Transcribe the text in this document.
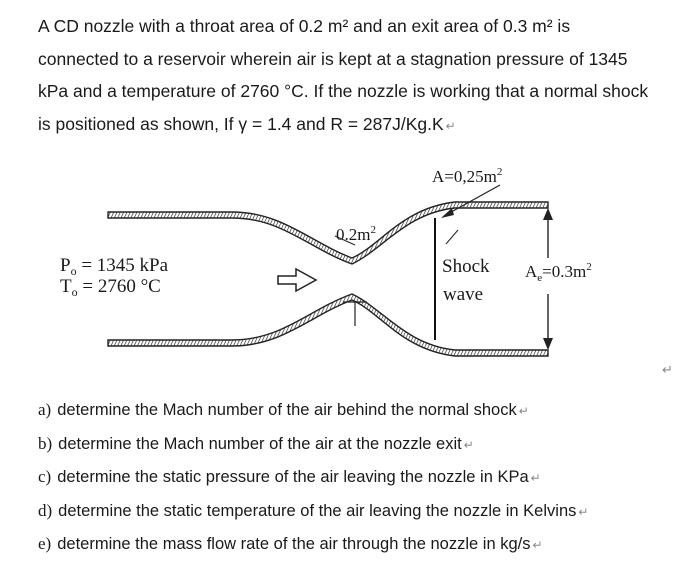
A CD nozzle with a throat area of 0.2 m² and an exit area of 0.3 m² is

connected to a reservoir wherein air is kept at a stagnation pressure of 1345

kPa and a temperature of 2760 °C. If the nozzle is working that a normal shock

is positioned as shown, If γ = 1.4 and R = 287J/Kg.K ↵

$0.2m^2$
$A=0,25m^2$
Shock
wave
$A_e=0.3m^2$
$P_o = 1345$ kPa
$T_o = 2760$ °C
↵
a) determine the Mach number of the air behind the normal shock ↵
b) determine the Mach number of the air at the nozzle exit ↵
c) determine the static pressure of the air leaving the nozzle in KPa ↵
d) determine the static temperature of the air leaving the nozzle in Kelvins ↵
e) determine the mass flow rate of the air through the nozzle in kg/s ↵
